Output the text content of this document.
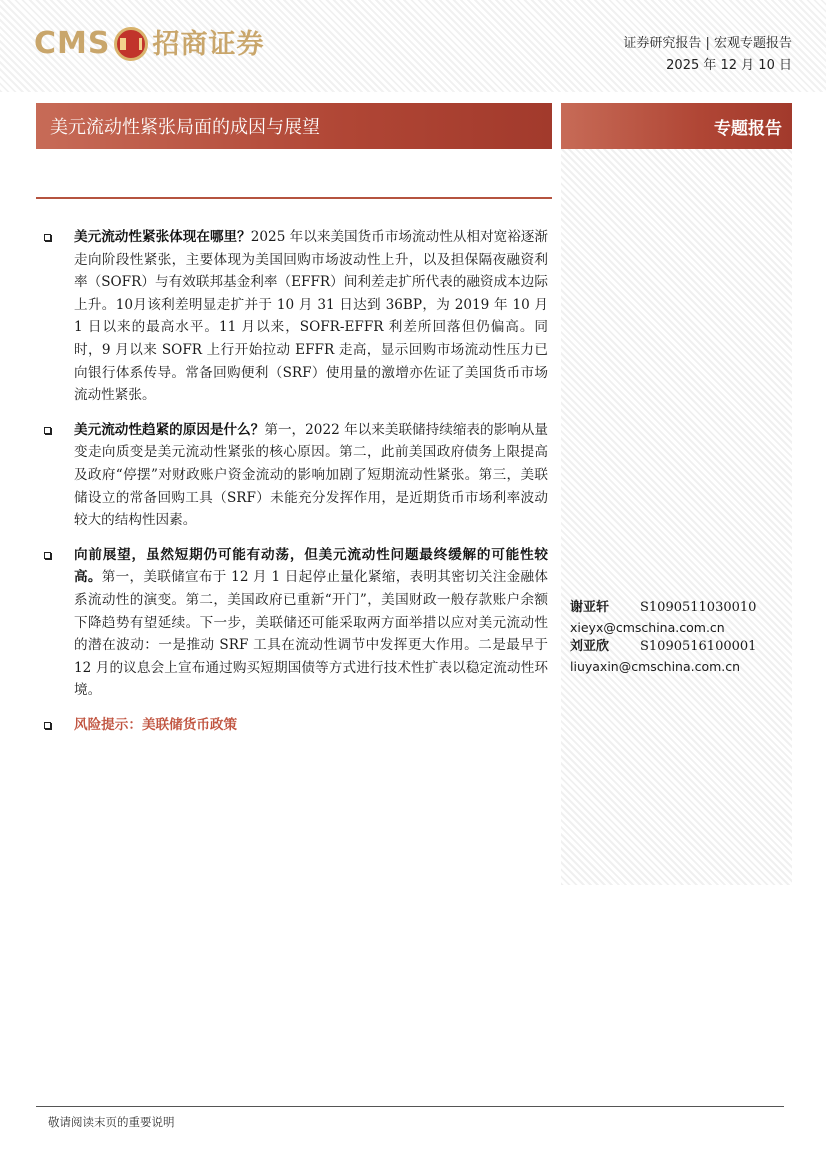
CMS 招商证券	证券研究报告 | 宏观专题报告
2025 年 12 月 10 日
美元流动性紧张局面的成因与展望	专题报告

美元流动性紧张体现在哪里？2025 年以来美国货币市场流动性从相对宽裕逐渐走向阶段性紧张，主要体现为美国回购市场波动性上升，以及担保隔夜融资利率（SOFR）与有效联邦基金利率（EFFR）间利差走扩所代表的融资成本边际上升。10月该利差明显走扩并于 10 月 31 日达到 36BP，为 2019 年 10 月 1 日以来的最高水平。11 月以来，SOFR-EFFR 利差所回落但仍偏高。同时，9 月以来 SOFR 上行开始拉动 EFFR 走高，显示回购市场流动性压力已向银行体系传导。常备回购便利（SRF）使用量的激增亦佐证了美国货币市场流动性紧张。

美元流动性趋紧的原因是什么？第一，2022 年以来美联储持续缩表的影响从量变走向质变是美元流动性紧张的核心原因。第二，此前美国政府债务上限提高及政府“停摆”对财政账户资金流动的影响加剧了短期流动性紧张。第三，美联储设立的常备回购工具（SRF）未能充分发挥作用，是近期货币市场利率波动较大的结构性因素。

向前展望，虽然短期仍可能有动荡，但美元流动性问题最终缓解的可能性较高。第一，美联储宣布于 12 月 1 日起停止量化紧缩，表明其密切关注金融体系流动性的演变。第二，美国政府已重新“开门”，美国财政一般存款账户余额下降趋势有望延续。下一步，美联储还可能采取两方面举措以应对美元流动性的潜在波动：一是推动 SRF 工具在流动性调节中发挥更大作用。二是最早于 12 月的议息会上宣布通过购买短期国债等方式进行技术性扩表以稳定流动性环境。

风险提示：美联储货币政策

谢亚轩	S1090511030010
xieyx@cmschina.com.cn
刘亚欣	S1090516100001
liuyaxin@cmschina.com.cn
敬请阅读末页的重要说明
